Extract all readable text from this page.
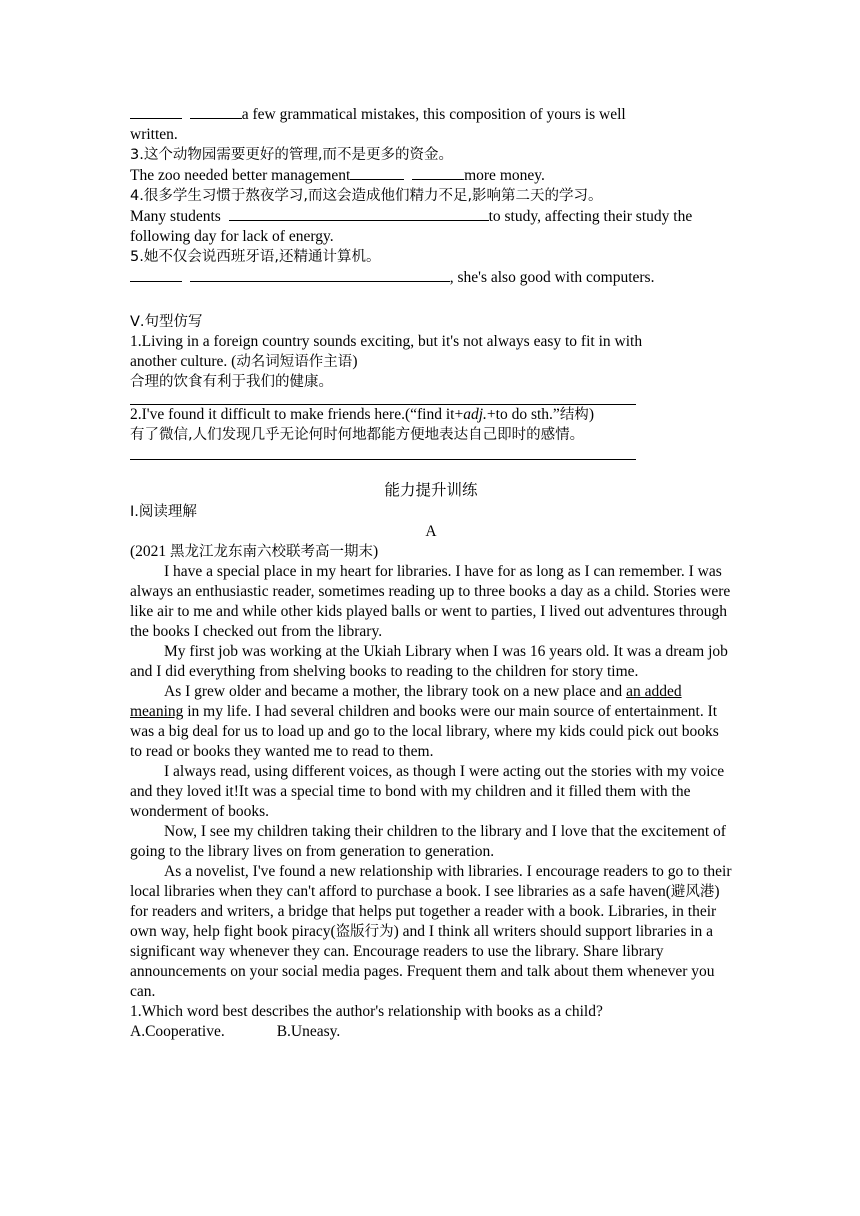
a few grammatical mistakes, this composition of yours is well
written.
3.这个动物园需要更好的管理,而不是更多的资金。
The zoo needed better management	more money.
4.很多学生习惯于熬夜学习,而这会造成他们精力不足,影响第二天的学习。
Many students	to study, affecting their study the
following day for lack of energy.
5.她不仅会说西班牙语,还精通计算机。
, she's also good with computers.
Ⅴ.句型仿写
1.Living in a foreign country sounds exciting, but it's not always easy to fit in with
another culture. (动名词短语作主语)
合理的饮食有利于我们的健康。
2.I've found it difficult to make friends here.(“find it+adj.+to do sth.”结构)
有了微信,人们发现几乎无论何时何地都能方便地表达自己即时的感情。
能力提升训练
Ⅰ.阅读理解
A
(2021 黑龙江龙东南六校联考高一期末)
I have a special place in my heart for libraries. I have for as long as I can remember. I was always an enthusiastic reader, sometimes reading up to three books a day as a child. Stories were like air to me and while other kids played balls or went to parties, I lived out adventures through the books I checked out from the library.
My first job was working at the Ukiah Library when I was 16 years old. It was a dream job and I did everything from shelving books to reading to the children for story time.
As I grew older and became a mother, the library took on a new place and an added meaning in my life. I had several children and books were our main source of entertainment. It was a big deal for us to load up and go to the local library, where my kids could pick out books to read or books they wanted me to read to them.
I always read, using different voices, as though I were acting out the stories with my voice and they loved it!It was a special time to bond with my children and it filled them with the wonderment of books.
Now, I see my children taking their children to the library and I love that the excitement of going to the library lives on from generation to generation.
As a novelist, I've found a new relationship with libraries. I encourage readers to go to their local libraries when they can't afford to purchase a book. I see libraries as a safe haven(避风港) for readers and writers, a bridge that helps put together a reader with a book. Libraries, in their own way, help fight book piracy(盗版行为) and I think all writers should support libraries in a significant way whenever they can. Encourage readers to use the library. Share library announcements on your social media pages. Frequent them and talk about them whenever you can.
1.Which word best describes the author's relationship with books as a child?
A.Cooperative.	B.Uneasy.
